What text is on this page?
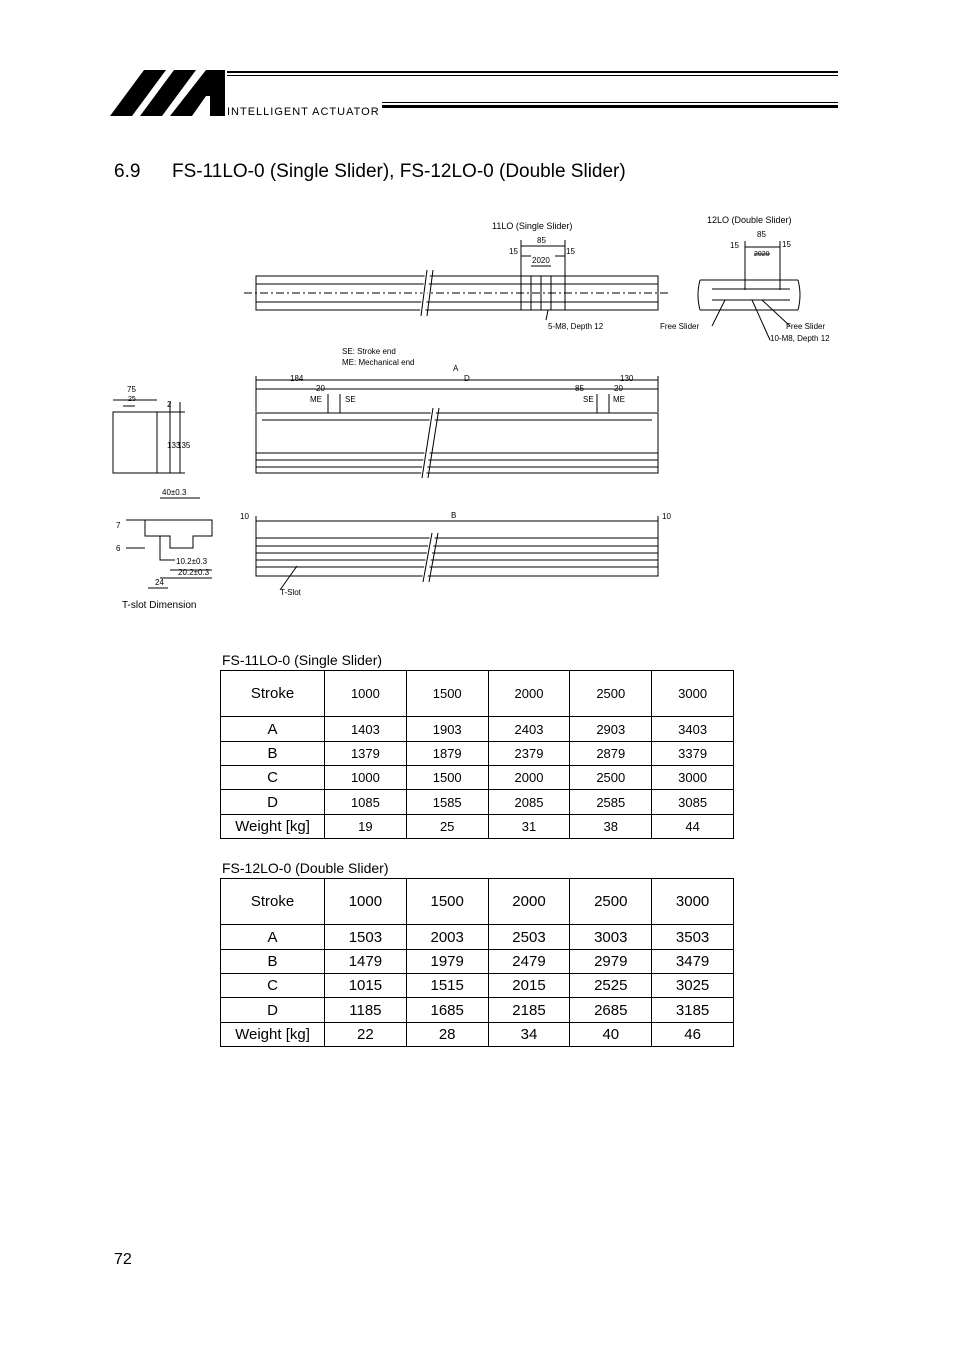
INTELLIGENT ACTUATOR
6.9 FS-11LO-0 (Single Slider), FS-12LO-0 (Double Slider)
11LO (Single Slider)
12LO (Double Slider)
85
15	15
2020
85
15	15
2020
5-M8, Depth 12	Free Slider	Free Slider
10-M8, Depth 12
SE: Stroke end
ME: Mechanical end
A
184	D	130
20	85	20
ME	SE	SE ME
75
25
2
133
135
40±0.3
7
6
10.2±0.3
20.2±0.3
24
T-slot Dimension
10	B	10
T-Slot
FS-11LO-0 (Single Slider)
Stroke	1000	1500	2000	2500	3000
A	1403	1903	2403	2903	3403
B	1379	1879	2379	2879	3379
C	1000	1500	2000	2500	3000
D	1085	1585	2085	2585	3085
Weight [kg]	19	25	31	38	44
FS-12LO-0 (Double Slider)
Stroke	1000	1500	2000	2500	3000
A	1503	2003	2503	3003	3503
B	1479	1979	2479	2979	3479
C	1015	1515	2015	2525	3025
D	1185	1685	2185	2685	3185
Weight [kg]	22	28	34	40	46
72
